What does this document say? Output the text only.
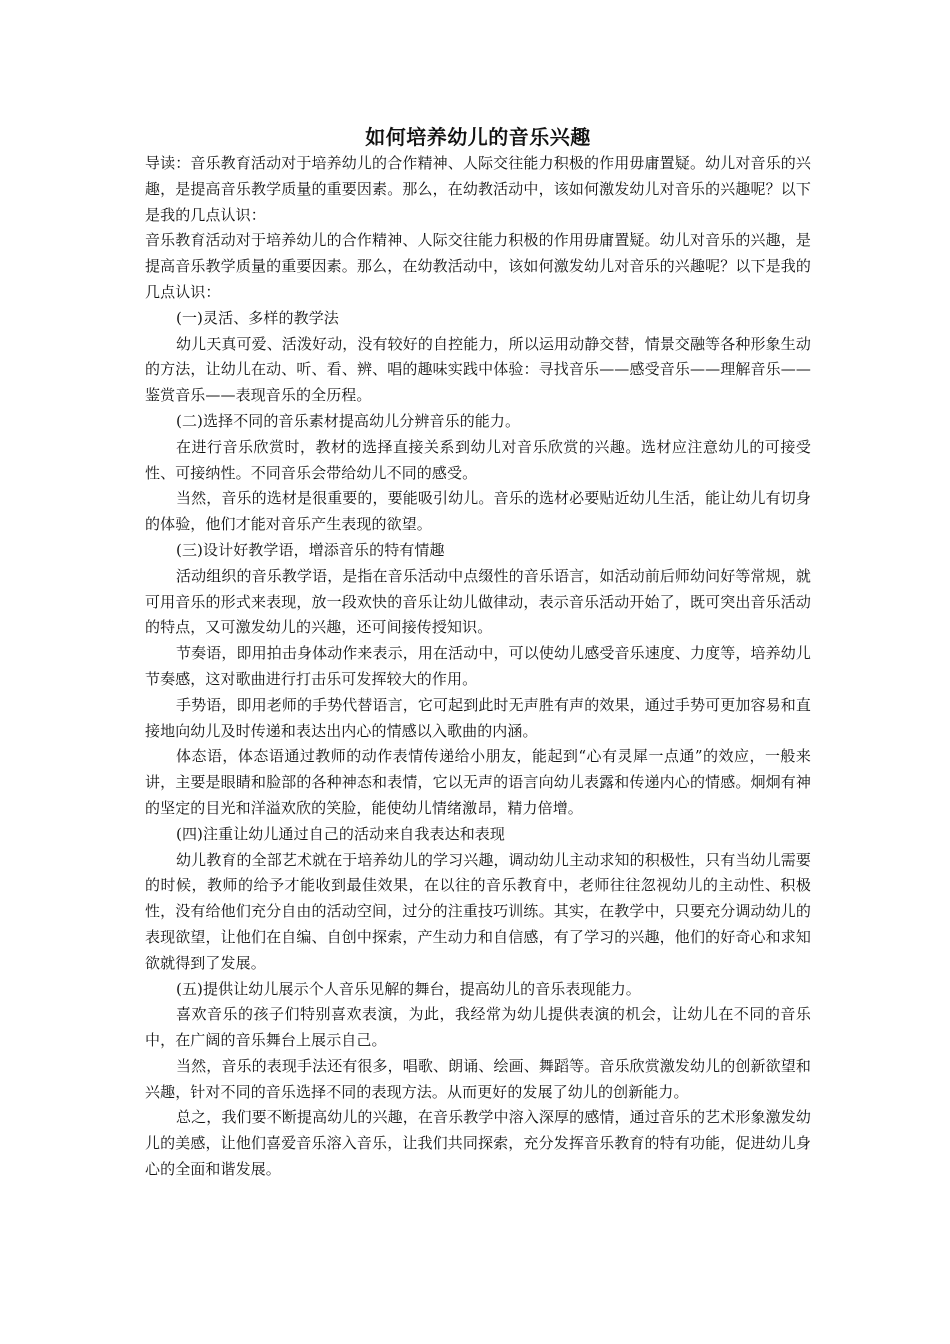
如何培养幼儿的音乐兴趣

导读：音乐教育活动对于培养幼儿的合作精神、人际交往能力积极的作用毋庸置疑。幼儿对音乐的兴趣，是提高音乐教学质量的重要因素。那么，在幼教活动中，该如何激发幼儿对音乐的兴趣呢？以下是我的几点认识：

音乐教育活动对于培养幼儿的合作精神、人际交往能力积极的作用毋庸置疑。幼儿对音乐的兴趣，是提高音乐教学质量的重要因素。那么，在幼教活动中，该如何激发幼儿对音乐的兴趣呢？以下是我的几点认识：

(一)灵活、多样的教学法

幼儿天真可爱、活泼好动，没有较好的自控能力，所以运用动静交替，情景交融等各种形象生动的方法，让幼儿在动、听、看、辨、唱的趣味实践中体验：寻找音乐——感受音乐——理解音乐——鉴赏音乐——表现音乐的全历程。

(二)选择不同的音乐素材提高幼儿分辨音乐的能力。

在进行音乐欣赏时，教材的选择直接关系到幼儿对音乐欣赏的兴趣。选材应注意幼儿的可接受性、可接纳性。不同音乐会带给幼儿不同的感受。

当然，音乐的选材是很重要的，要能吸引幼儿。音乐的选材必要贴近幼儿生活，能让幼儿有切身的体验，他们才能对音乐产生表现的欲望。

(三)设计好教学语，增添音乐的特有情趣

活动组织的音乐教学语，是指在音乐活动中点缀性的音乐语言，如活动前后师幼问好等常规，就可用音乐的形式来表现，放一段欢快的音乐让幼儿做律动，表示音乐活动开始了，既可突出音乐活动的特点，又可激发幼儿的兴趣，还可间接传授知识。

节奏语，即用拍击身体动作来表示，用在活动中，可以使幼儿感受音乐速度、力度等，培养幼儿节奏感，这对歌曲进行打击乐可发挥较大的作用。

手势语，即用老师的手势代替语言，它可起到此时无声胜有声的效果，通过手势可更加容易和直接地向幼儿及时传递和表达出内心的情感以入歌曲的内涵。

体态语，体态语通过教师的动作表情传递给小朋友，能起到“心有灵犀一点通”的效应，一般来讲，主要是眼睛和脸部的各种神态和表情，它以无声的语言向幼儿表露和传递内心的情感。炯炯有神的坚定的目光和洋溢欢欣的笑脸，能使幼儿情绪激昂，精力倍增。

(四)注重让幼儿通过自己的活动来自我表达和表现

幼儿教育的全部艺术就在于培养幼儿的学习兴趣，调动幼儿主动求知的积极性，只有当幼儿需要的时候，教师的给予才能收到最佳效果，在以往的音乐教育中，老师往往忽视幼儿的主动性、积极性，没有给他们充分自由的活动空间，过分的注重技巧训练。其实，在教学中，只要充分调动幼儿的表现欲望，让他们在自编、自创中探索，产生动力和自信感，有了学习的兴趣，他们的好奇心和求知欲就得到了发展。

(五)提供让幼儿展示个人音乐见解的舞台，提高幼儿的音乐表现能力。

喜欢音乐的孩子们特别喜欢表演，为此，我经常为幼儿提供表演的机会，让幼儿在不同的音乐中，在广阔的音乐舞台上展示自己。

当然，音乐的表现手法还有很多，唱歌、朗诵、绘画、舞蹈等。音乐欣赏激发幼儿的创新欲望和兴趣，针对不同的音乐选择不同的表现方法。从而更好的发展了幼儿的创新能力。

总之，我们要不断提高幼儿的兴趣，在音乐教学中溶入深厚的感情，通过音乐的艺术形象激发幼儿的美感，让他们喜爱音乐溶入音乐，让我们共同探索，充分发挥音乐教育的特有功能，促进幼儿身心的全面和谐发展。
